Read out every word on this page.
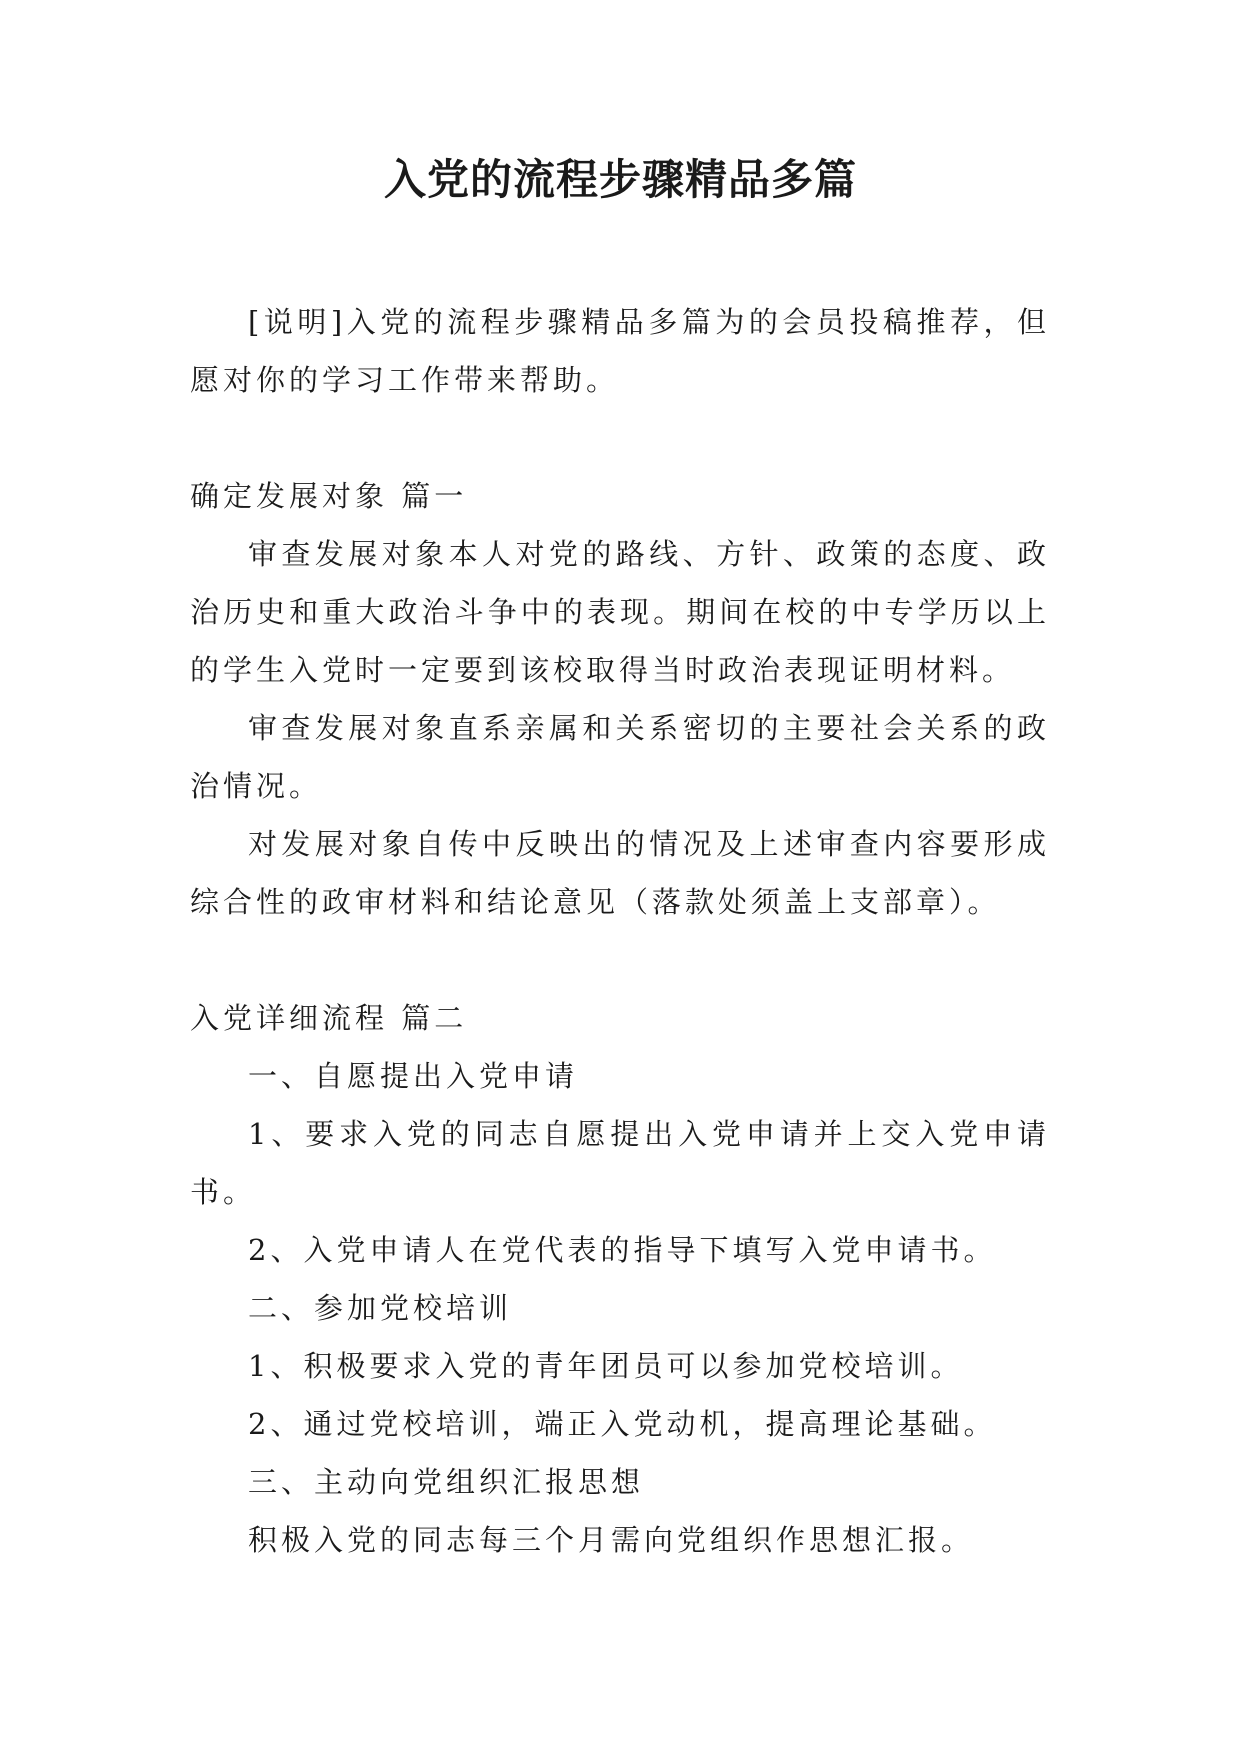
入党的流程步骤精品多篇

[说明]入党的流程步骤精品多篇为的会员投稿推荐，但愿对你的学习工作带来帮助。

确定发展对象 篇一

审查发展对象本人对党的路线、方针、政策的态度、政治历史和重大政治斗争中的表现。期间在校的中专学历以上的学生入党时一定要到该校取得当时政治表现证明材料。

审查发展对象直系亲属和关系密切的主要社会关系的政治情况。

对发展对象自传中反映出的情况及上述审查内容要形成综合性的政审材料和结论意见（落款处须盖上支部章）。

入党详细流程 篇二

一、自愿提出入党申请

1、要求入党的同志自愿提出入党申请并上交入党申请书。

2、入党申请人在党代表的指导下填写入党申请书。

二、参加党校培训

1、积极要求入党的青年团员可以参加党校培训。

2、通过党校培训，端正入党动机，提高理论基础。

三、主动向党组织汇报思想

积极入党的同志每三个月需向党组织作思想汇报。
